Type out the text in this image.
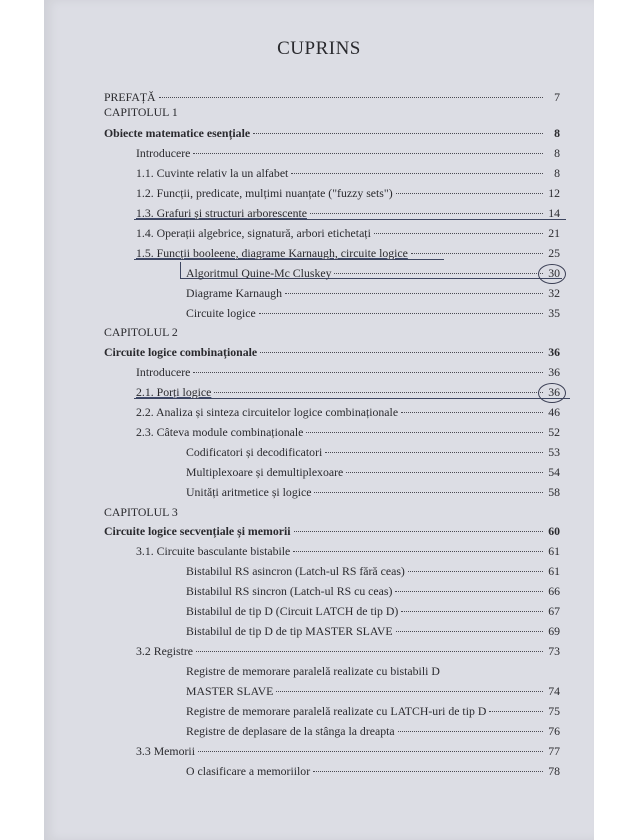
CUPRINS
PREFAȚĂ	7
CAPITOLUL 1
Obiecte matematice esențiale	8
Introducere	8
1.1. Cuvinte relativ la un alfabet	8
1.2. Funcții, predicate, mulțimi nuanțate ("fuzzy sets")	12
1.3. Grafuri și structuri arborescente	14
1.4. Operații algebrice, signatură, arbori etichetați	21
1.5. Funcții booleene, diagrame Karnaugh, circuite logice	25
Algoritmul Quine-Mc Cluskey	30
Diagrame Karnaugh	32
Circuite logice	35
CAPITOLUL 2
Circuite logice combinaționale	36
Introducere	36
2.1. Porți logice	36
2.2. Analiza și sinteza circuitelor logice combinaționale	46
2.3. Câteva module combinaționale	52
Codificatori și decodificatori	53
Multiplexoare și demultiplexoare	54
Unități aritmetice și logice	58
CAPITOLUL 3
Circuite logice secvențiale și memorii	60
3.1. Circuite basculante bistabile	61
Bistabilul RS asincron (Latch-ul RS fără ceas)	61
Bistabilul RS sincron (Latch-ul RS cu ceas)	66
Bistabilul de tip D (Circuit LATCH de tip D)	67
Bistabilul de tip D de tip MASTER SLAVE	69
3.2 Registre	73
Registre de memorare paralelă realizate cu bistabili D
MASTER SLAVE	74
Registre de memorare paralelă realizate cu LATCH-uri de tip D	75
Registre de deplasare de la stânga la dreapta	76
3.3 Memorii	77
O clasificare a memoriilor	78
